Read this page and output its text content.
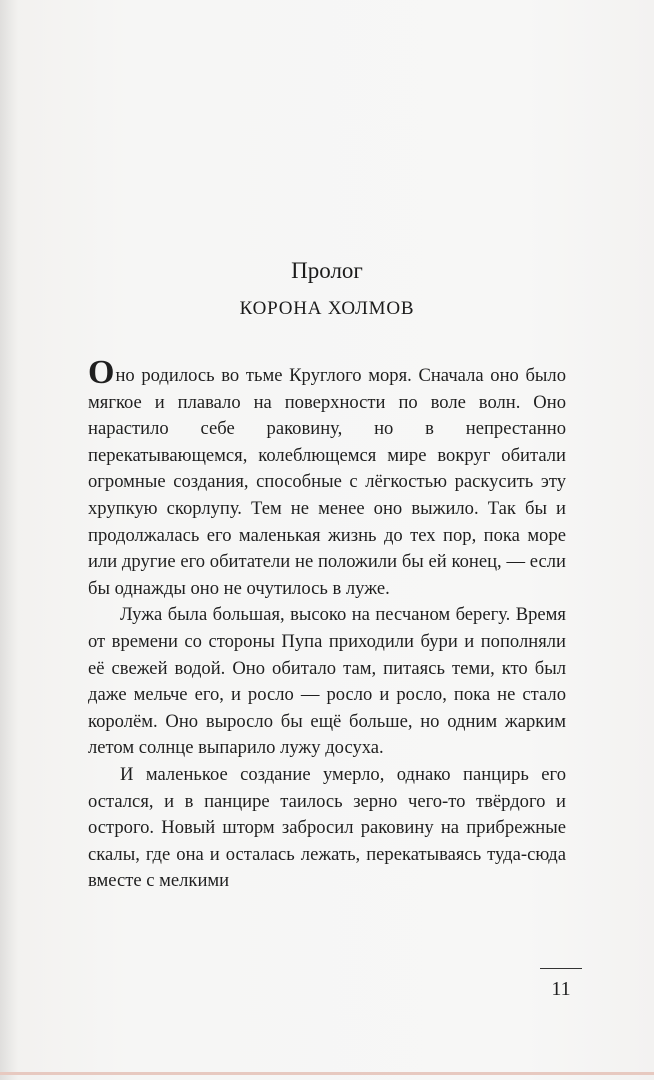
Пролог
КОРОНА ХОЛМОВ

Оно родилось во тьме Круглого моря. Сначала оно было мягкое и плавало на поверхности по воле волн. Оно нарастило себе раковину, но в непрестанно перекатывающемся, колеблющемся мире вокруг обитали огромные создания, способные с лёгкостью раскусить эту хрупкую скорлупу. Тем не менее оно выжило. Так бы и продолжалась его маленькая жизнь до тех пор, пока море или другие его обитатели не положили бы ей конец, — если бы однажды оно не очутилось в луже.

Лужа была большая, высоко на песчаном берегу. Время от времени со стороны Пупа приходили бури и пополняли её свежей водой. Оно обитало там, питаясь теми, кто был даже мельче его, и росло — росло и росло, пока не стало королём. Оно выросло бы ещё больше, но одним жарким летом солнце выпарило лужу досуха.

И маленькое создание умерло, однако панцирь его остался, и в панцире таилось зерно чего-то твёрдого и острого. Новый шторм забросил раковину на прибрежные скалы, где она и осталась лежать, перекатываясь туда-сюда вместе с мелкими

11
